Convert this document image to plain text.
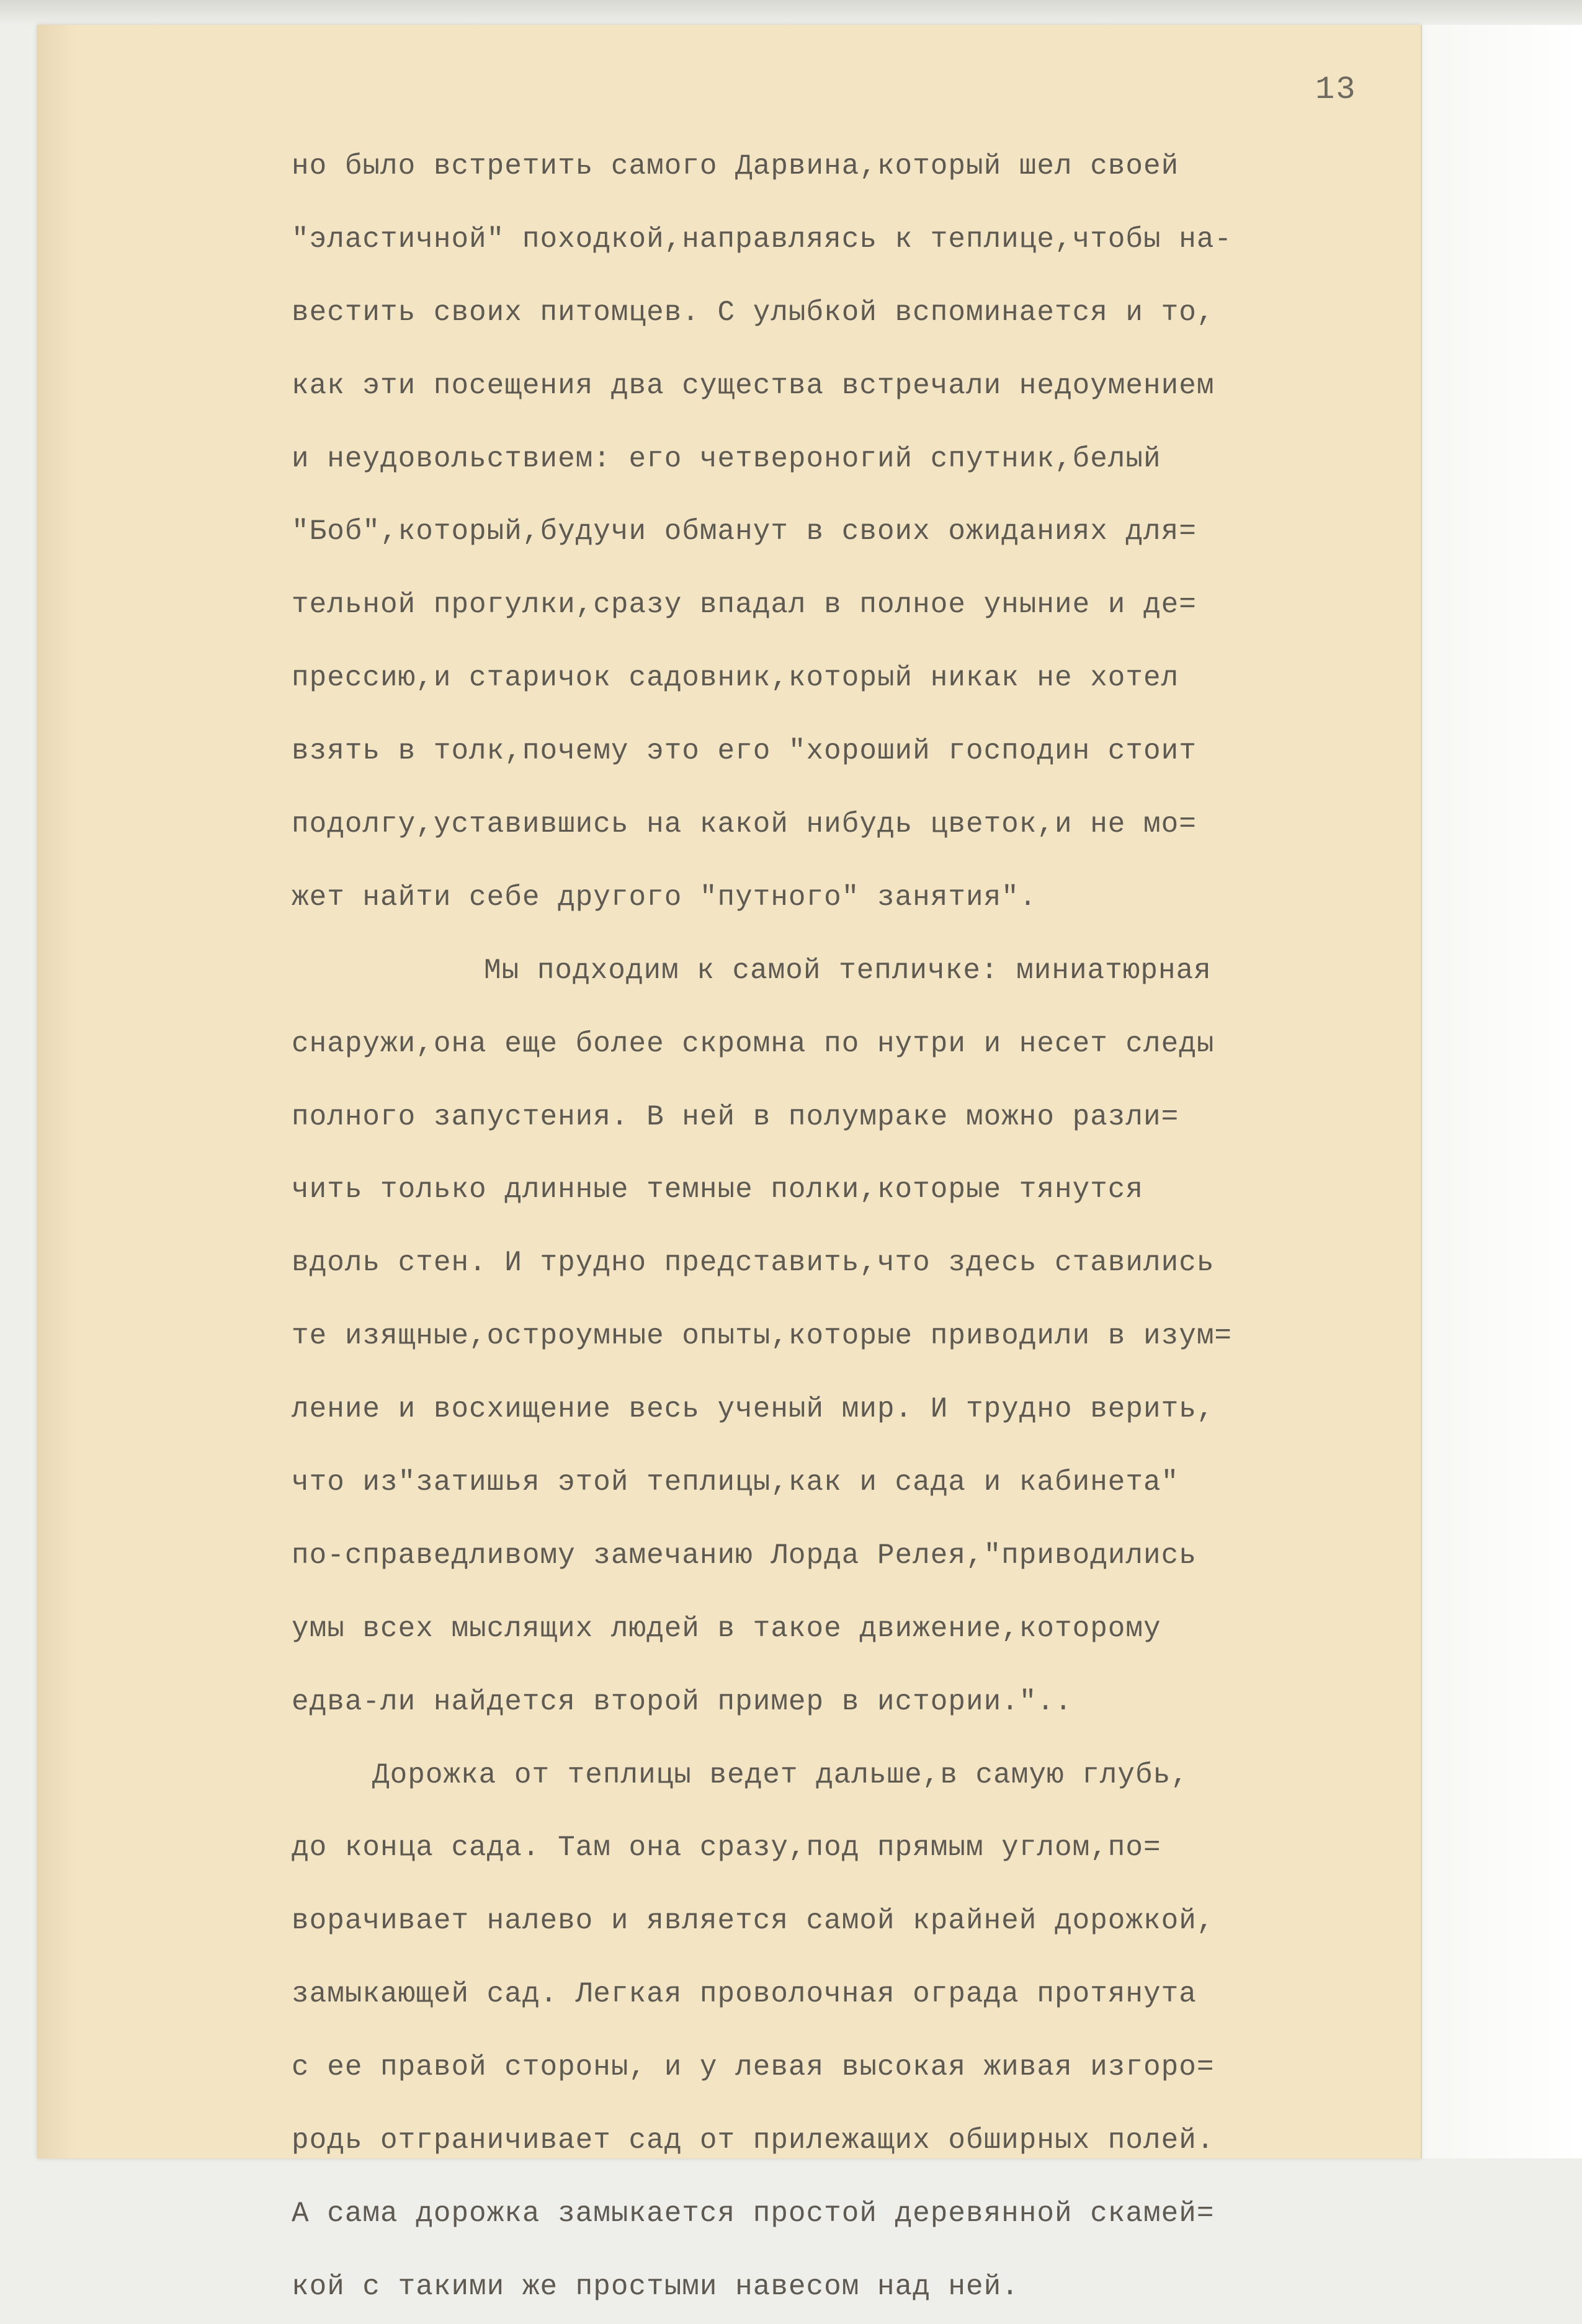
13
но было встретить самого Дарвина,который шел своей
"эластичной" походкой,направляясь к теплице,чтобы на-
вестить своих питомцев. С улыбкой вспоминается и то,
как эти посещения два существа встречали недоумением
и неудовольствием: его четвероногий спутник,белый
"Боб",который,будучи обманут в своих ожиданиях для=
тельной прогулки,сразу впадал в полное уныние и де=
прессию,и старичок садовник,который никак не хотел
взять в толк,почему это его "хороший господин стоит
подолгу,уставившись на какой нибудь цветок,и не мо=
жет найти себе другого "путного" занятия".
Мы подходим к самой тепличке: миниатюрная
снаружи,она еще более скромна по нутри и несет следы
полного запустения. В ней в полумраке можно разли=
чить только длинные темные полки,которые тянутся
вдоль стен. И трудно представить,что здесь ставились
те изящные,остроумные опыты,которые приводили в изум=
ление и восхищение весь ученый мир. И трудно верить,
что из"затишья этой теплицы,как и сада и кабинета"
по-справедливому замечанию Лорда Релея,"приводились
умы всех мыслящих людей в такое движение,которому
едва-ли найдется второй пример в истории."..
Дорожка от теплицы ведет дальше,в самую глубь,
до конца сада. Там она сразу,под прямым углом,по=
ворачивает налево и является самой крайней дорожкой,
замыкающей сад. Легкая проволочная ограда протянута
с ее правой стороны, и у левая высокая живая изгоро=
родь отграничивает сад от прилежащих обширных полей.
А сама дорожка замыкается простой деревянной скамей=
кой с такими же простыми навесом над ней.
